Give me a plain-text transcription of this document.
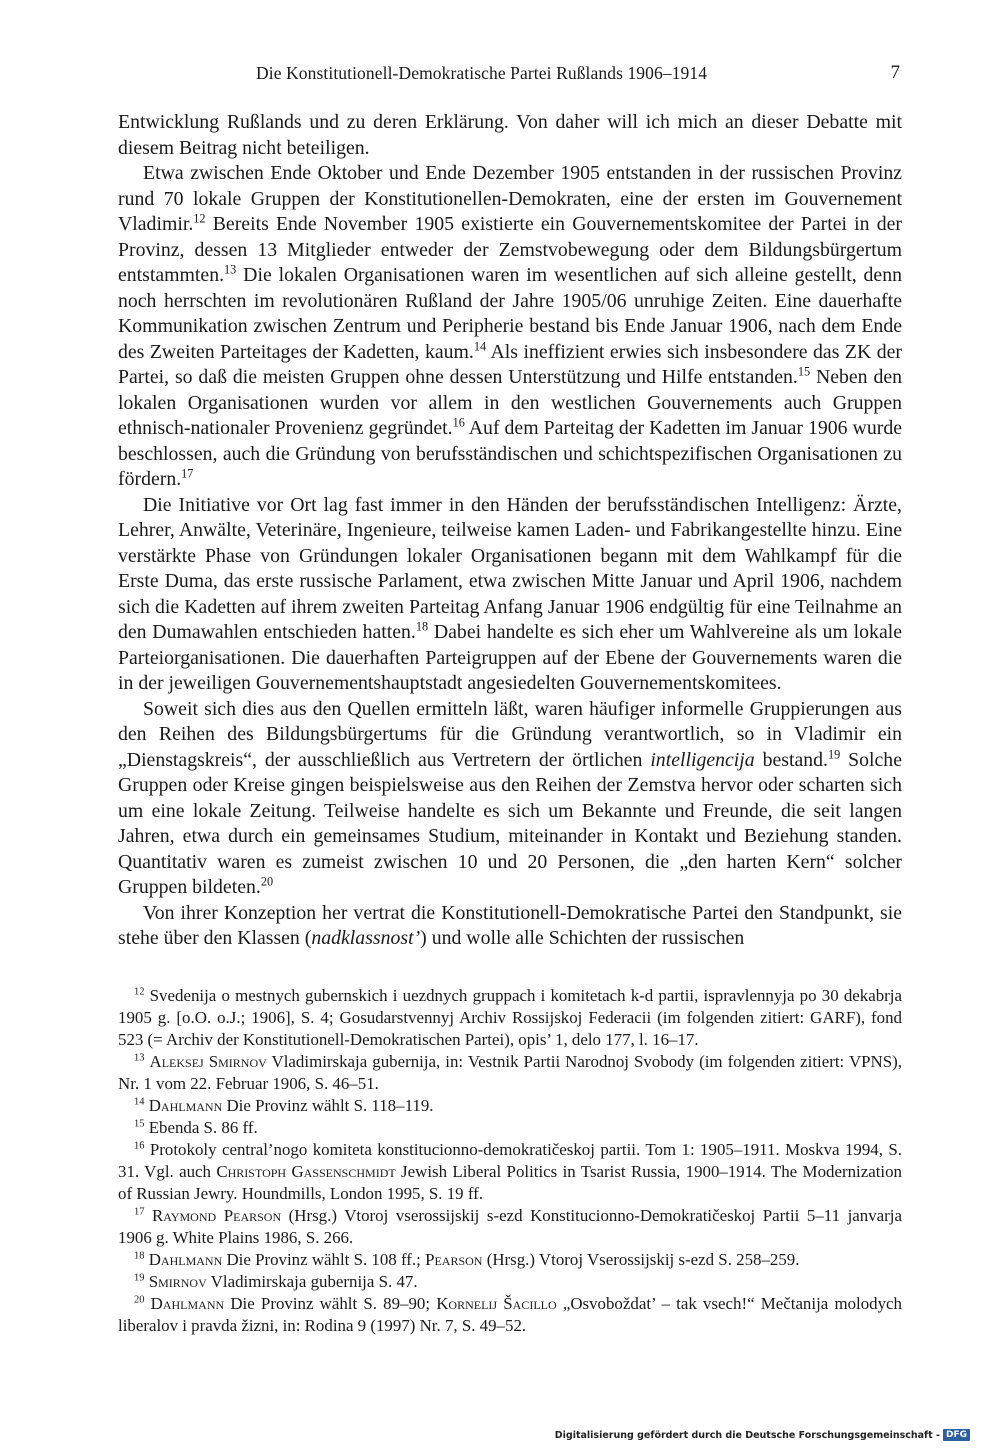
Die Konstitutionell-Demokratische Partei Rußlands 1906–1914	7

Entwicklung Rußlands und zu deren Erklärung. Von daher will ich mich an dieser Debatte mit diesem Beitrag nicht beteiligen.

Etwa zwischen Ende Oktober und Ende Dezember 1905 entstanden in der russischen Provinz rund 70 lokale Gruppen der Konstitutionellen-Demokraten, eine der ersten im Gouvernement Vladimir.$^{12}$ Bereits Ende November 1905 existierte ein Gouvernementskomitee der Partei in der Provinz, dessen 13 Mitglieder entweder der Zemstvobewegung oder dem Bildungsbürgertum entstammten.$^{13}$ Die lokalen Organisationen waren im wesentlichen auf sich alleine gestellt, denn noch herrschten im revolutionären Rußland der Jahre 1905/06 unruhige Zeiten. Eine dauerhafte Kommunikation zwischen Zentrum und Peripherie bestand bis Ende Januar 1906, nach dem Ende des Zweiten Parteitages der Kadetten, kaum.$^{14}$ Als ineffizient erwies sich insbesondere das ZK der Partei, so daß die meisten Gruppen ohne dessen Unterstützung und Hilfe entstanden.$^{15}$ Neben den lokalen Organisationen wurden vor allem in den westlichen Gouvernements auch Gruppen ethnisch-nationaler Provenienz gegründet.$^{16}$ Auf dem Parteitag der Kadetten im Januar 1906 wurde beschlossen, auch die Gründung von berufsständischen und schichtspezifischen Organisationen zu fördern.$^{17}$

Die Initiative vor Ort lag fast immer in den Händen der berufsständischen Intelligenz: Ärzte, Lehrer, Anwälte, Veterinäre, Ingenieure, teilweise kamen Laden- und Fabrikangestellte hinzu. Eine verstärkte Phase von Gründungen lokaler Organisationen begann mit dem Wahlkampf für die Erste Duma, das erste russische Parlament, etwa zwischen Mitte Januar und April 1906, nachdem sich die Kadetten auf ihrem zweiten Parteitag Anfang Januar 1906 endgültig für eine Teilnahme an den Dumawahlen entschieden hatten.$^{18}$ Dabei handelte es sich eher um Wahlvereine als um lokale Parteiorganisationen. Die dauerhaften Parteigruppen auf der Ebene der Gouvernements waren die in der jeweiligen Gouvernementshauptstadt angesiedelten Gouvernementskomitees.

Soweit sich dies aus den Quellen ermitteln läßt, waren häufiger informelle Gruppierungen aus den Reihen des Bildungsbürgertums für die Gründung verantwortlich, so in Vladimir ein „Dienstagskreis“, der ausschließlich aus Vertretern der örtlichen intelligencija bestand.$^{19}$ Solche Gruppen oder Kreise gingen beispielsweise aus den Reihen der Zemstva hervor oder scharten sich um eine lokale Zeitung. Teilweise handelte es sich um Bekannte und Freunde, die seit langen Jahren, etwa durch ein gemeinsames Studium, miteinander in Kontakt und Beziehung standen. Quantitativ waren es zumeist zwischen 10 und 20 Personen, die „den harten Kern“ solcher Gruppen bildeten.$^{20}$

Von ihrer Konzeption her vertrat die Konstitutionell-Demokratische Partei den Standpunkt, sie stehe über den Klassen (nadklassnost’) und wolle alle Schichten der russischen

$^{12}$ Svedenija o mestnych gubernskich i uezdnych gruppach i komitetach k-d partii, ispravlennyja po 30 dekabrja 1905 g. [o.O. o.J.; 1906], S. 4; Gosudarstvennyj Archiv Rossijskoj Federacii (im folgenden zitiert: GARF), fond 523 (= Archiv der Konstitutionell-Demokratischen Partei), opis’ 1, delo 177, l. 16–17.

$^{13}$ Aleksej Smirnov Vladimirskaja gubernija, in: Vestnik Partii Narodnoj Svobody (im folgenden zitiert: VPNS), Nr. 1 vom 22. Februar 1906, S. 46–51.

$^{14}$ Dahlmann Die Provinz wählt S. 118–119.

$^{15}$ Ebenda S. 86 ff.

$^{16}$ Protokoly central’nogo komiteta konstitucionno-demokratičeskoj partii. Tom 1: 1905–1911. Moskva 1994, S. 31. Vgl. auch Christoph Gassenschmidt Jewish Liberal Politics in Tsarist Russia, 1900–1914. The Modernization of Russian Jewry. Houndmills, London 1995, S. 19 ff.

$^{17}$ Raymond Pearson (Hrsg.) Vtoroj vserossijskij s-ezd Konstitucionno-Demokratičeskoj Partii 5–11 janvarja 1906 g. White Plains 1986, S. 266.

$^{18}$ Dahlmann Die Provinz wählt S. 108 ff.; Pearson (Hrsg.) Vtoroj Vserossijskij s-ezd S. 258–259.

$^{19}$ Smirnov Vladimirskaja gubernija S. 47.

$^{20}$ Dahlmann Die Provinz wählt S. 89–90; Kornelij Šacillo „Osvoboždat’ – tak vsech!“ Mečtanija molodych liberalov i pravda žizni, in: Rodina 9 (1997) Nr. 7, S. 49–52.

Digitalisierung gefördert durch die Deutsche Forschungsgemeinschaft - DFG
